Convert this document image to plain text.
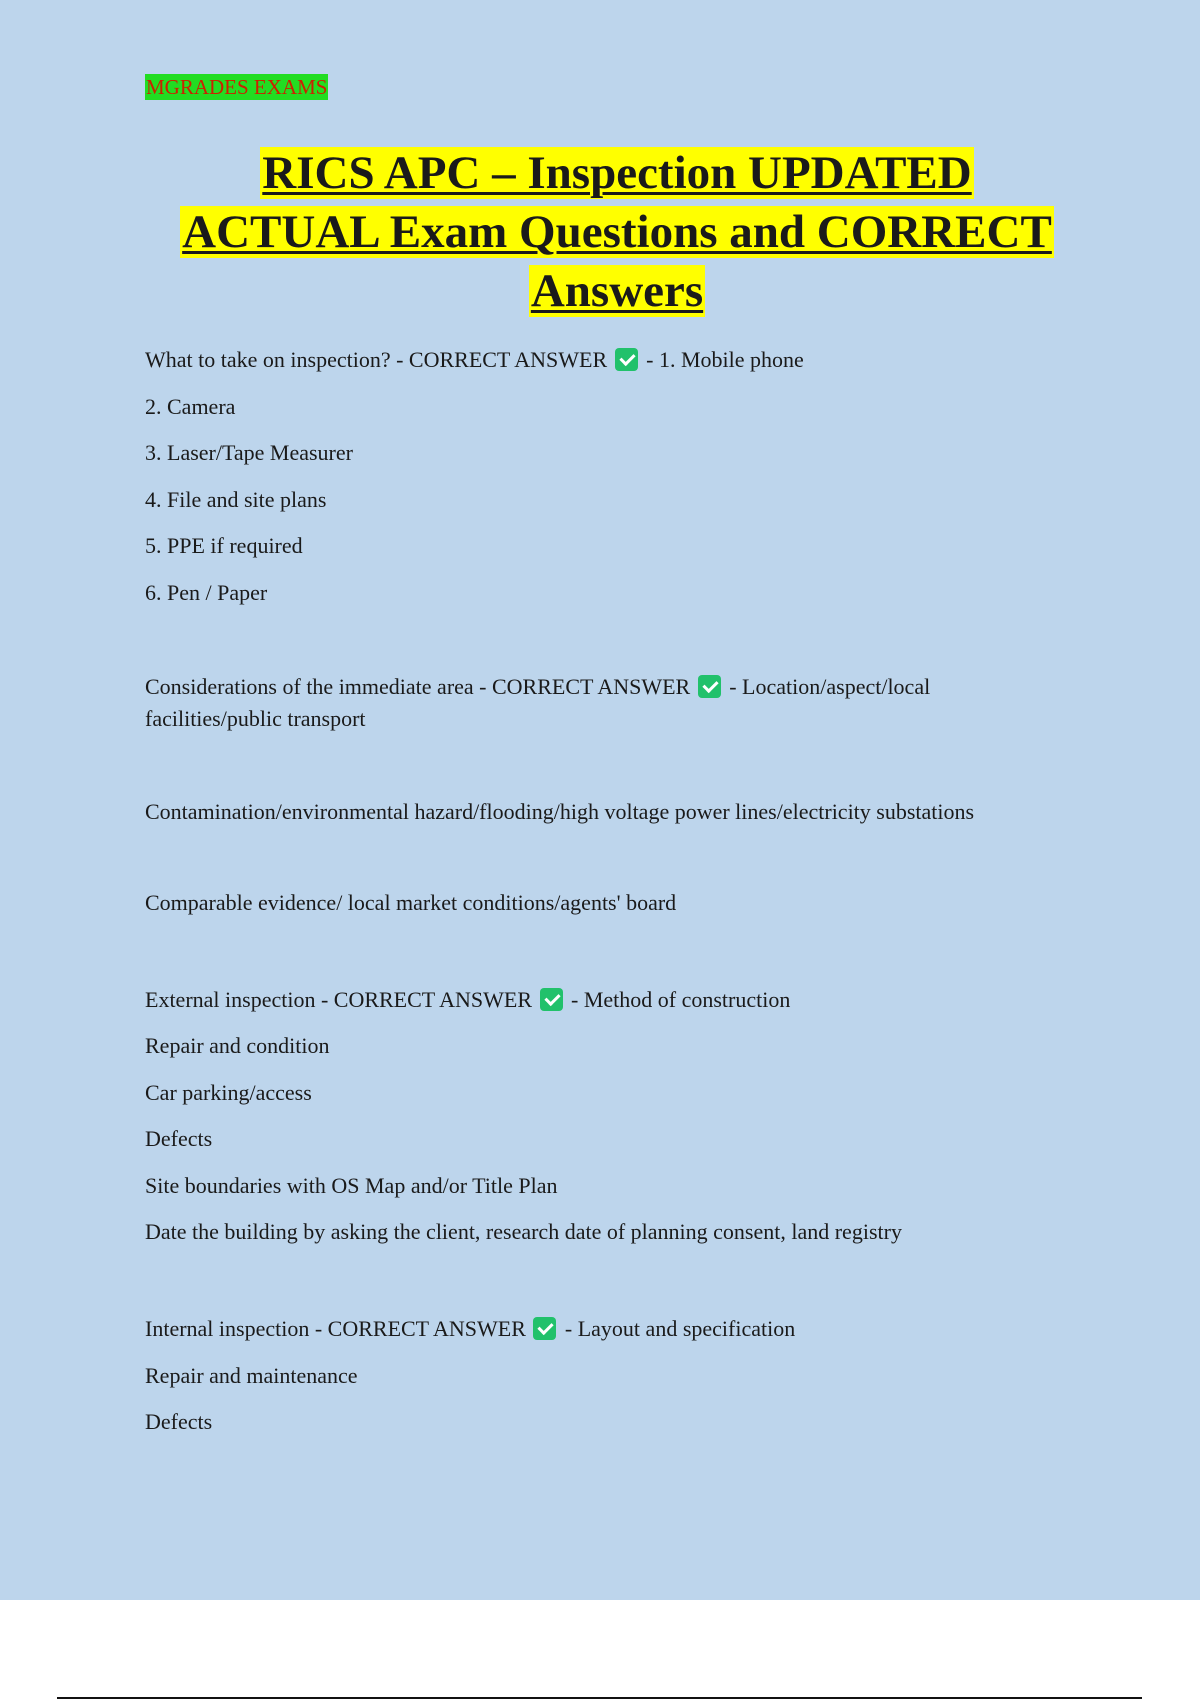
MGRADES EXAMS
RICS APC – Inspection UPDATED
ACTUAL Exam Questions and CORRECT
Answers
What to take on inspection? - CORRECT ANSWER - 1. Mobile phone
2. Camera
3. Laser/Tape Measurer
4. File and site plans
5. PPE if required
6. Pen / Paper
Considerations of the immediate area - CORRECT ANSWER - Location/aspect/local
facilities/public transport
Contamination/environmental hazard/flooding/high voltage power lines/electricity substations
Comparable evidence/ local market conditions/agents' board
External inspection - CORRECT ANSWER - Method of construction
Repair and condition
Car parking/access
Defects
Site boundaries with OS Map and/or Title Plan
Date the building by asking the client, research date of planning consent, land registry
Internal inspection - CORRECT ANSWER - Layout and specification
Repair and maintenance
Defects
